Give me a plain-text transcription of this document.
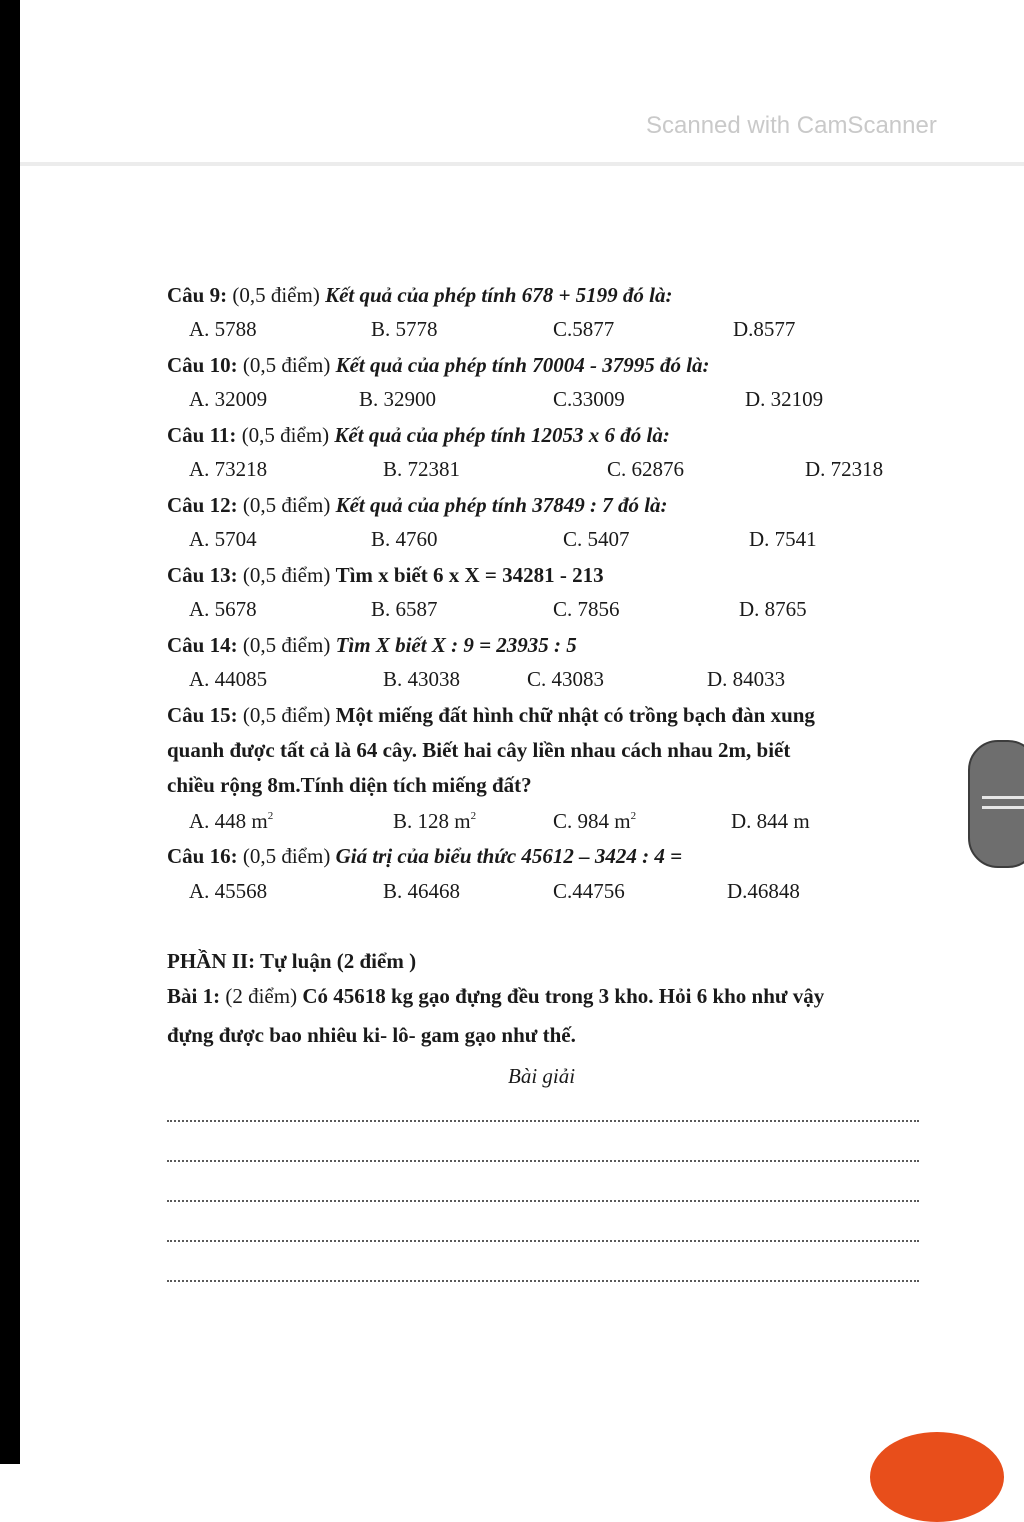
Scanned with CamScanner
Câu 9: (0,5 điểm) Kết quả của phép tính 678 + 5199 đó là:
A. 5788	B. 5778	C.5877	D.8577
Câu 10: (0,5 điểm) Kết quả của phép tính 70004 - 37995 đó là:
A. 32009	B. 32900	C.33009	D. 32109
Câu 11: (0,5 điểm) Kết quả của phép tính 12053 x 6 đó là:
A. 73218	B. 72381	C. 62876	D. 72318
Câu 12: (0,5 điểm) Kết quả của phép tính 37849 : 7 đó là:
A. 5704	B. 4760	C. 5407	D. 7541
Câu 13: (0,5 điểm) Tìm x biết 6 x X = 34281 - 213
A. 5678	B. 6587	C. 7856	D. 8765
Câu 14: (0,5 điểm) Tìm X biết X : 9 = 23935 : 5
A. 44085	B. 43038	C. 43083	D. 84033
Câu 15: (0,5 điểm) Một miếng đất hình chữ nhật có trồng bạch đàn xung
quanh được tất cả là 64 cây. Biết hai cây liền nhau cách nhau 2m, biết
chiều rộng 8m.Tính diện tích miếng đất?
A. 448 $m^2$	B. 128 $m^2$	C. 984 $m^2$	D. 844 m
Câu 16: (0,5 điểm) Giá trị của biểu thức 45612 – 3424 : 4 =
A. 45568	B. 46468	C.44756	D.46848
PHẦN II: Tự luận (2 điểm )
Bài 1: (2 điểm) Có 45618 kg gạo đựng đều trong 3 kho. Hỏi 6 kho như vậy
đựng được bao nhiêu ki- lô- gam gạo như thế.
Bài giải
